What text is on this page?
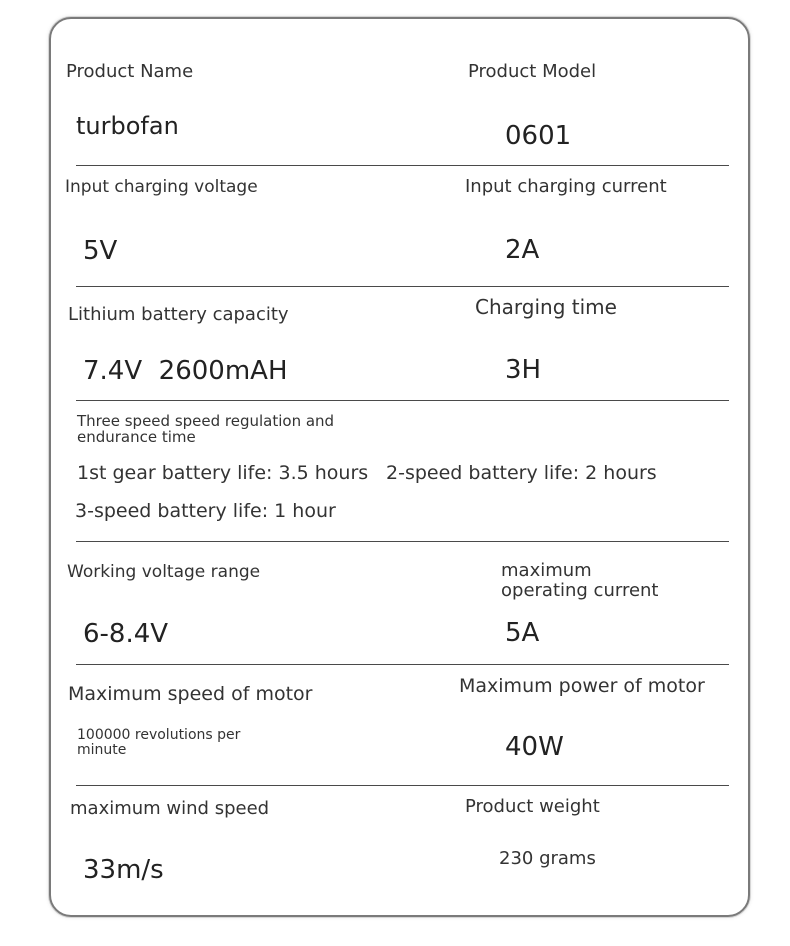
Product Name
turbofan
Product Model
0601
Input charging voltage
5V
Input charging current
2A
Lithium battery capacity
7.4V  2600mAH
Charging time
3H
Three speed speed regulation and
endurance time
1st gear battery life: 3.5 hours 2-speed battery life: 2 hours
3-speed battery life: 1 hour
Working voltage range
6-8.4V
maximum
operating current
5A
Maximum speed of motor
100000 revolutions per
minute
Maximum power of motor
40W
maximum wind speed
33m/s
Product weight
230 grams
